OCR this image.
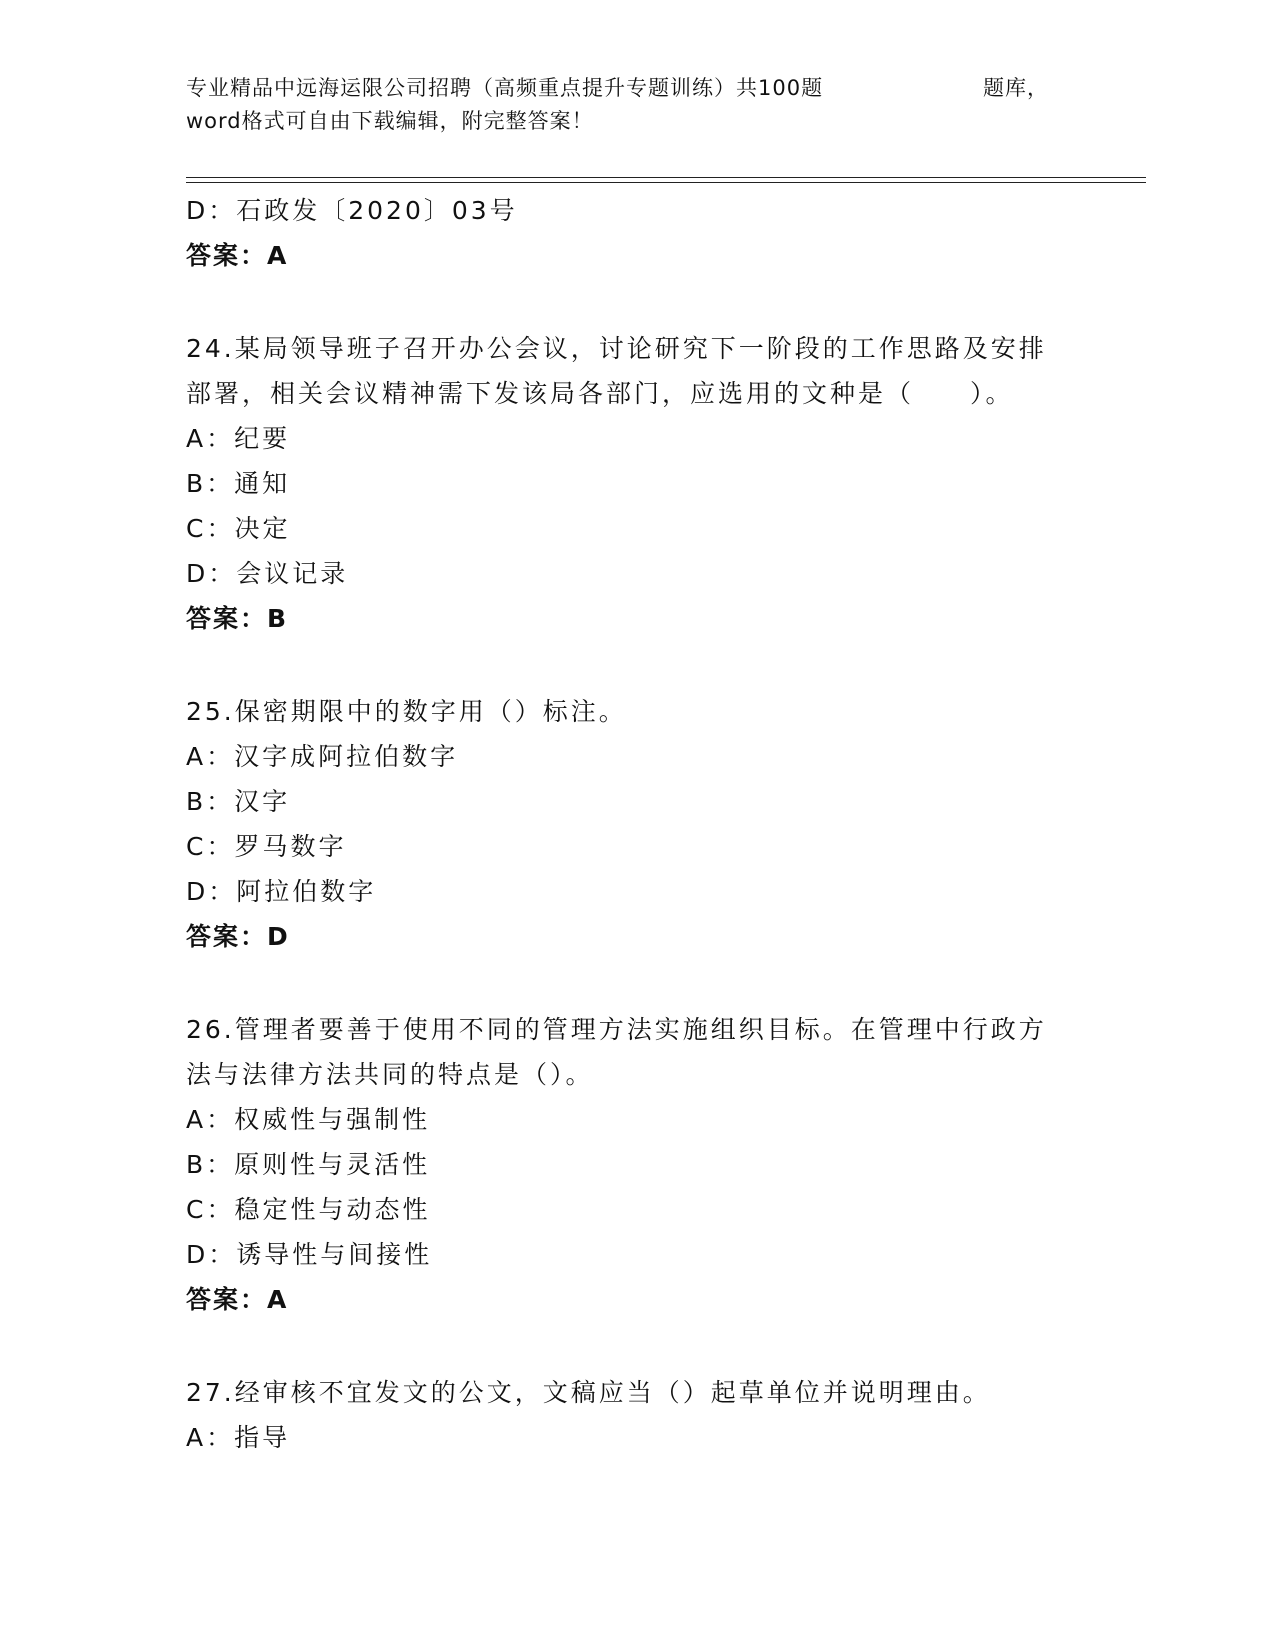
专业精品中远海运限公司招聘（高频重点提升专题训练）共100题	题库，
word格式可自由下载编辑，附完整答案！
D：石政发〔2020〕03号
答案：A
24.某局领导班子召开办公会议，讨论研究下一阶段的工作思路及安排部署，相关会议精神需下发该局各部门，应选用的文种是（　　）。
A：纪要
B：通知
C：决定
D：会议记录
答案：B
25.保密期限中的数字用（）标注。
A：汉字成阿拉伯数字
B：汉字
C：罗马数字
D：阿拉伯数字
答案：D
26.管理者要善于使用不同的管理方法实施组织目标。在管理中行政方法与法律方法共同的特点是（）。
A：权威性与强制性
B：原则性与灵活性
C：稳定性与动态性
D：诱导性与间接性
答案：A
27.经审核不宜发文的公文，文稿应当（）起草单位并说明理由。
A：指导
